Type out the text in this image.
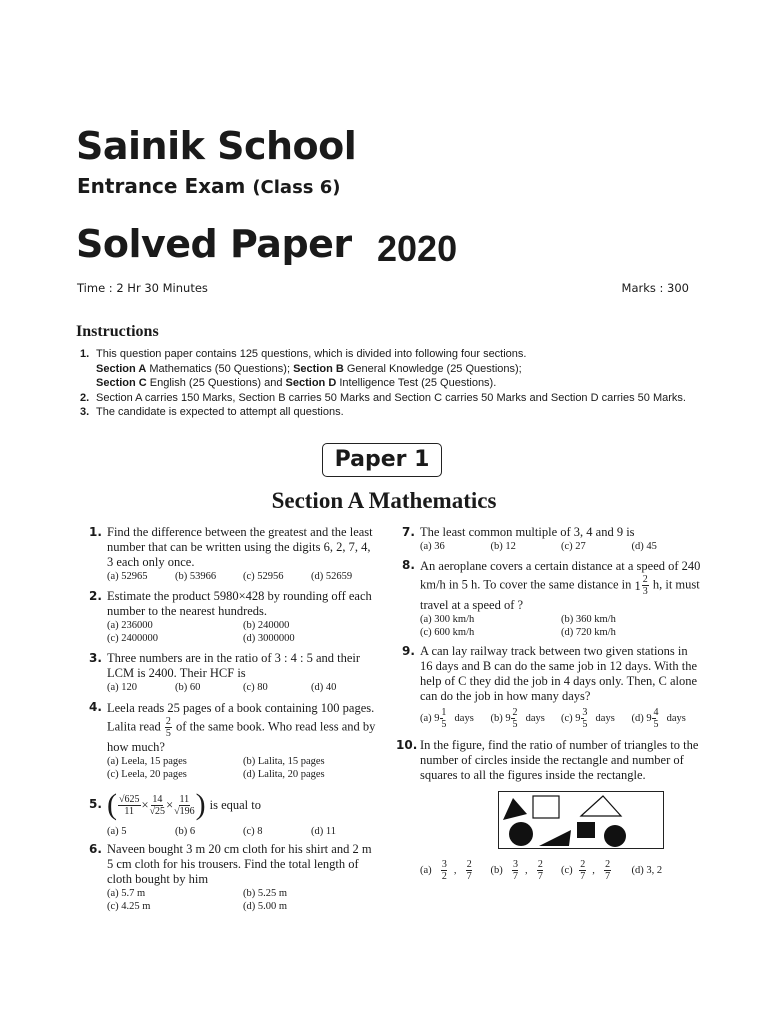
Sainik School
Entrance Exam (Class 6)
Solved Paper 2020
Time : 2 Hr 30 Minutes	Marks : 300
Instructions
1. This question paper contains 125 questions, which is divided into following four sections.
Section A Mathematics (50 Questions); Section B General Knowledge (25 Questions);
Section C English (25 Questions) and Section D Intelligence Test (25 Questions).
2. Section A carries 150 Marks, Section B carries 50 Marks and Section C carries 50 Marks and Section D carries 50 Marks.
3. The candidate is expected to attempt all questions.
Paper 1
Section A Mathematics
1. Find the difference between the greatest and the least number that can be written using the digits 6, 2, 7, 4, 3 each only once.
(a) 52965	(b) 53966	(c) 52956	(d) 52659
2. Estimate the product 5980×428 by rounding off each number to the nearest hundreds.
(a) 236000	(b) 240000
(c) 2400000	(d) 3000000
3. Three numbers are in the ratio of 3 : 4 : 5 and their LCM is 2400. Their HCF is
(a) 120	(b) 60	(c) 80	(d) 40
4. Leela reads 25 pages of a book containing 100 pages. Lalita read $\frac{2}{5}$ of the same book. Who read less and by how much?
(a) Leela, 15 pages	(b) Lalita, 15 pages
(c) Leela, 20 pages	(d) Lalita, 20 pages
5. ( $\frac{√625}{11} \times \frac{14}{√25} \times \frac{11}{√196}$ ) is equal to
(a) 5	(b) 6	(c) 8	(d) 11
6. Naveen bought 3 m 20 cm cloth for his shirt and 2 m 5 cm cloth for his trousers. Find the total length of cloth bought by him
(a) 5.7 m	(b) 5.25 m
(c) 4.25 m	(d) 5.00 m
7. The least common multiple of 3, 4 and 9 is
(a) 36	(b) 12	(c) 27	(d) 45
8. An aeroplane covers a certain distance at a speed of 240 km/h in 5 h. To cover the same distance in $1 \frac{2}{3} h$, it must travel at a speed of ?
(a) 300 km/h	(b) 360 km/h
(c) 600 km/h	(d) 720 km/h
9. A can lay railway track between two given stations in 16 days and B can do the same job in 12 days. With the help of C they did the job in 4 days only. Then, C alone can do the job in how many days?
(a) $9 \frac{1}{5}$ days	(b) $9 \frac{2}{5}$ days	(c) $9 \frac{3}{5}$ days	(d) $9 \frac{4}{5}$ days
10. In the figure, find the ratio of number of triangles to the number of circles inside the rectangle and number of squares to all the figures inside the rectangle.
$(a) \frac{3}{2}$ , $\frac{2}{7} (b) \frac{3}{7}$ , $\frac{2}{7} (c) \frac{2}{7}$ , $\frac{2}{7} (d)$ 3, 2
